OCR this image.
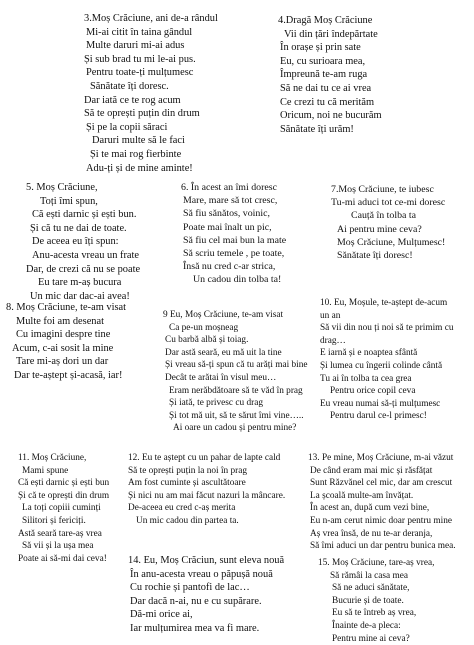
3.Moș Crăciune, ani de-a rândul
Mi-ai citit în taina gândul
Multe daruri mi-ai adus
Și sub brad tu mi le-ai pus.
Pentru toate-ți mulțumesc
Sănătate îți doresc.
Dar iată ce te rog acum
Să te oprești puțin din drum
Și pe la copii săraci
Daruri multe să le faci
Și te mai rog fierbinte
Adu-ți și de mine aminte!
4.Dragă Moș Crăciune
Vii din țări îndepărtate
În orașe și prin sate
Eu, cu surioara mea,
Împreună te-am ruga
Să ne dai tu ce ai vrea
Ce crezi tu că merităm
Oricum, noi ne bucurăm
Sănătate îți urăm!
5. Moș Crăciune,
Toți îmi spun,
Că ești darnic și ești bun.
Și că tu ne dai de toate.
De aceea eu îți spun:
Anu-acesta vreau un frate
Dar, de crezi că nu se poate
Eu tare m-aș bucura
Un mic dar dac-ai avea!
6. În acest an îmi doresc
Mare, mare să tot cresc,
Să fiu sănătos, voinic,
Poate mai înalt un pic,
Să fiu cel mai bun la mate
Să scriu temele , pe toate,
Însă nu cred c-ar strica,
Un cadou din tolba ta!
7.Moș Crăciune, te iubesc
Tu-mi aduci tot ce-mi doresc
Cauță în tolba ta
Ai pentru mine ceva?
Moș Crăciune, Mulțumesc!
Sănătate îți doresc!
8. Moș Crăciune, te-am visat
Multe foi am desenat
Cu imagini despre tine
Acum, c-ai sosit la mine
Tare mi-aș dori un dar
Dar te-aștept și-acasă, iar!
9 Eu, Moș Crăciune, te-am visat
Ca pe-un moșneag
Cu barbă albă și toiag.
Dar astă seară, eu mă uit la tine
Și vreau să-ți spun că tu arăți mai bine
Decât te arătai în visul meu…
Eram nerăbdătoare să te văd în prag
Și iată, te privesc cu drag
Și tot mă uit, să te sărut îmi vine…..
Ai oare un cadou și pentru mine?
10. Eu, Moșule, te-aștept de-acum
un an
Să vii din nou ți noi să te primim cu
drag…
E iarnă și e noaptea sfântă
Și lumea cu îngerii colinde cântă
Tu ai în tolba ta cea grea
Pentru orice copil ceva
Eu vreau numai să-ți mulțumesc
Pentru darul ce-l primesc!
11. Moș Crăciune,
Mami spune
Că ești darnic și ești bun
Și că te oprești din drum
La toți copiii cuminți
Silitori și fericiți.
Astă seară tare-aș vrea
Să vii și la ușa mea
Poate ai să-mi dai ceva!
12. Eu te aștept cu un pahar de lapte cald
Să te oprești puțin la noi în prag
Am fost cuminte și ascultătoare
Și nici nu am mai făcut nazuri la mâncare.
De-aceea eu cred c-aș merita
Un mic cadou din partea ta.
13. Pe mine, Moș Crăciune, m-ai văzut
De când eram mai mic și răsfățat
Sunt Răzvănel cel mic, dar am crescut
La școală multe-am învățat.
În acest an, după cum vezi bine,
Eu n-am cerut nimic doar pentru mine
Aș vrea însă, de nu te-ar deranja,
Să îmi aduci un dar pentru bunica mea.
14. Eu, Moș Crăciun, sunt eleva nouă
În anu-acesta vreau o păpușă nouă
Cu rochie și pantofi de lac…
Dar dacă n-ai, nu e cu supărare.
Dă-mi orice ai,
Iar mulțumirea mea va fi mare.
15. Moș Crăciune, tare-aș vrea,
Să rămâi la casa mea
Să ne aduci sănătate,
Bucurie și de toate.
Eu să te întreb aș vrea,
Înainte de-a pleca:
Pentru mine ai ceva?
